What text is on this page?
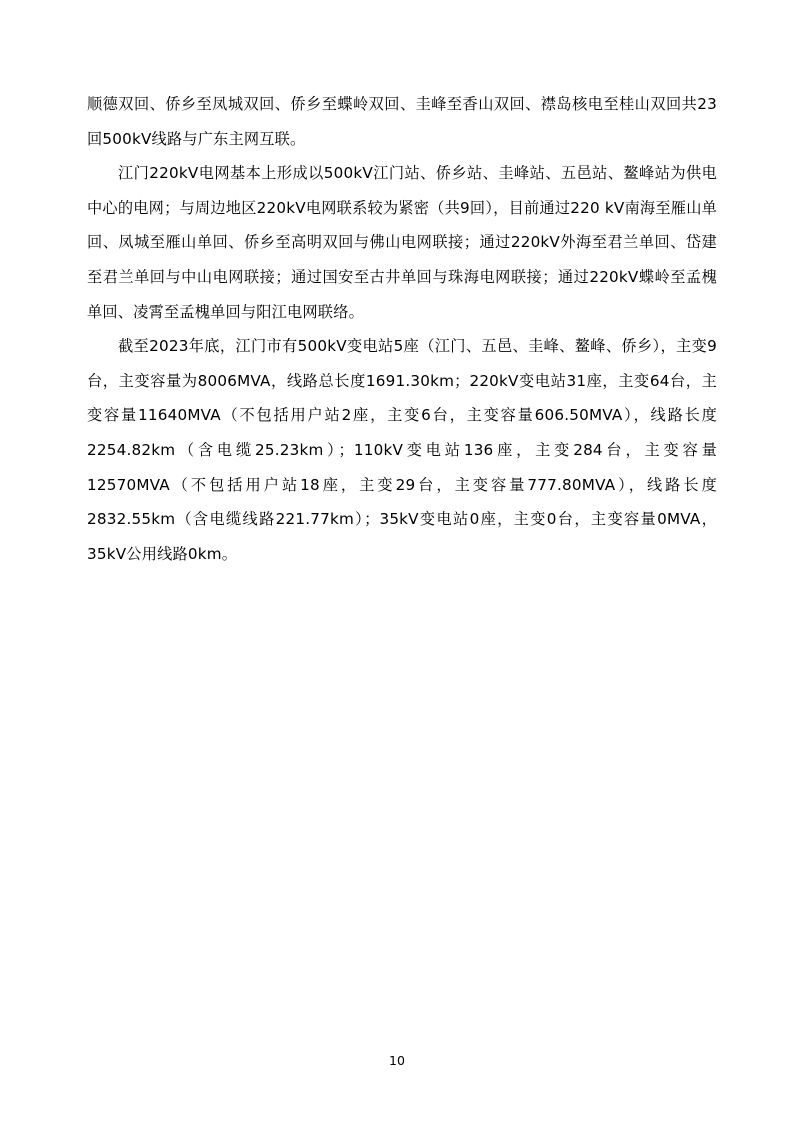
顺德双回、侨乡至凤城双回、侨乡至蝶岭双回、圭峰至香山双回、襟岛核电至桂山双回共23回500kV线路与广东主网互联。

江门220kV电网基本上形成以500kV江门站、侨乡站、圭峰站、五邑站、鳌峰站为供电中心的电网；与周边地区220kV电网联系较为紧密（共9回），目前通过220 kV南海至雁山单回、凤城至雁山单回、侨乡至高明双回与佛山电网联接；通过220kV外海至君兰单回、岱建至君兰单回与中山电网联接；通过国安至古井单回与珠海电网联接；通过220kV蝶岭至孟槐单回、凌霄至孟槐单回与阳江电网联络。

截至2023年底，江门市有500kV变电站5座（江门、五邑、圭峰、鳌峰、侨乡），主变9台，主变容量为8006MVA，线路总长度1691.30km；220kV变电站31座，主变64台，主变容量11640MVA（不包括用户站2座，主变6台，主变容量606.50MVA），线路长度2254.82km（含电缆25.23km）；110kV变电站136座，主变284台，主变容量12570MVA（不包括用户站18座，主变29台，主变容量777.80MVA），线路长度2832.55km（含电缆线路221.77km）；35kV变电站0座，主变0台，主变容量0MVA，35kV公用线路0km。

10
